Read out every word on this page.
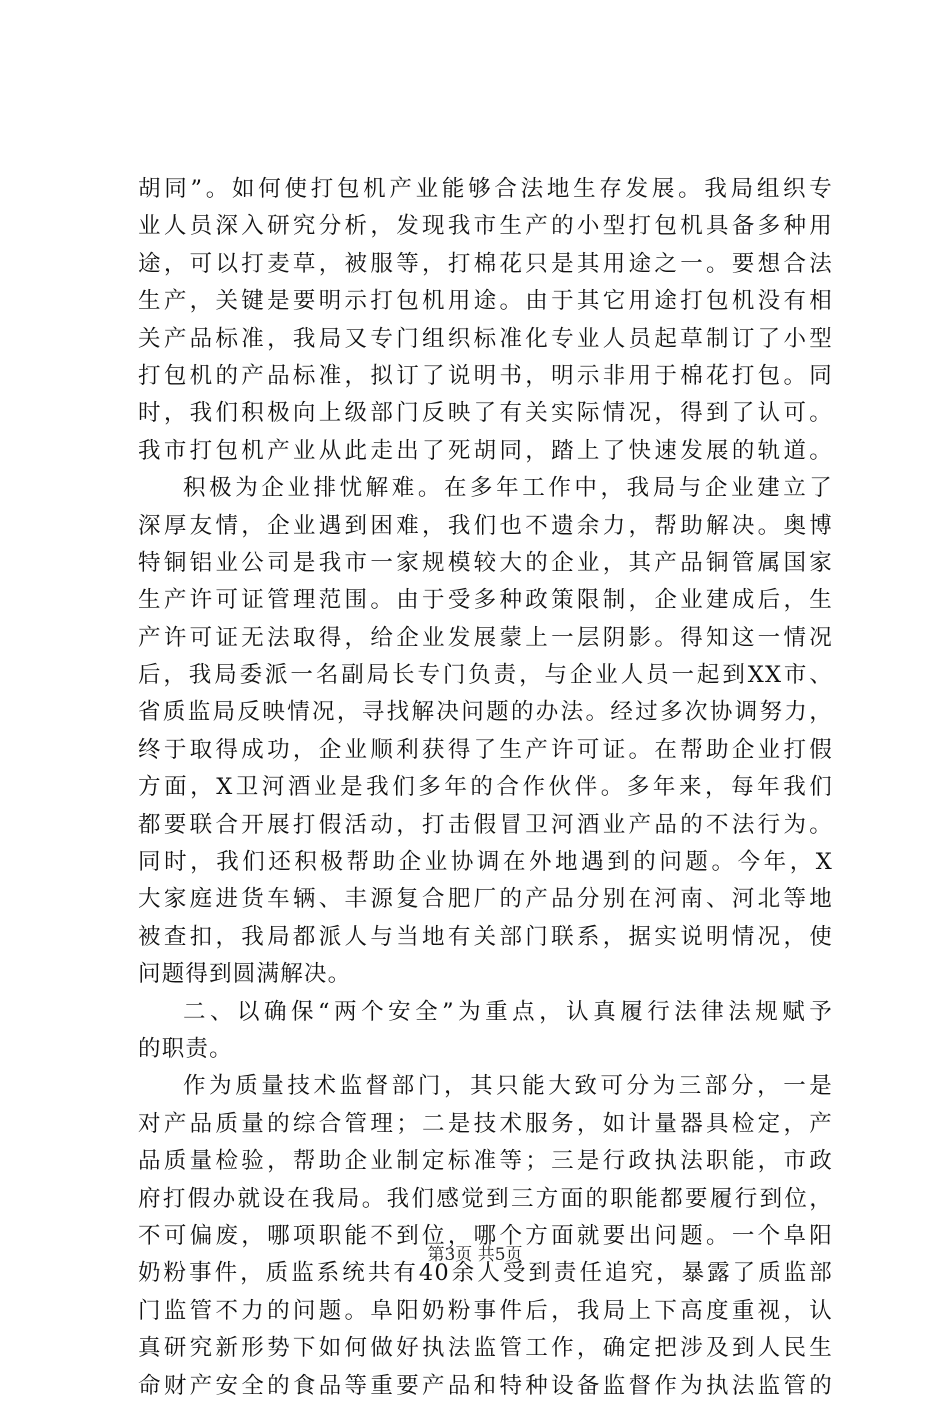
胡同”。如何使打包机产业能够合法地生存发展。我局组织专
业人员深入研究分析，发现我市生产的小型打包机具备多种用
途，可以打麦草，被服等，打棉花只是其用途之一。要想合法
生产，关键是要明示打包机用途。由于其它用途打包机没有相
关产品标准，我局又专门组织标准化专业人员起草制订了小型
打包机的产品标准，拟订了说明书，明示非用于棉花打包。同
时，我们积极向上级部门反映了有关实际情况，得到了认可。
我市打包机产业从此走出了死胡同，踏上了快速发展的轨道。
积极为企业排忧解难。在多年工作中，我局与企业建立了
深厚友情，企业遇到困难，我们也不遗余力，帮助解决。奥博
特铜铝业公司是我市一家规模较大的企业，其产品铜管属国家
生产许可证管理范围。由于受多种政策限制，企业建成后，生
产许可证无法取得，给企业发展蒙上一层阴影。得知这一情况
后，我局委派一名副局长专门负责，与企业人员一起到XX市、
省质监局反映情况，寻找解决问题的办法。经过多次协调努力，
终于取得成功，企业顺利获得了生产许可证。在帮助企业打假
方面，X卫河酒业是我们多年的合作伙伴。多年来，每年我们
都要联合开展打假活动，打击假冒卫河酒业产品的不法行为。
同时，我们还积极帮助企业协调在外地遇到的问题。今年，X
大家庭进货车辆、丰源复合肥厂的产品分别在河南、河北等地
被查扣，我局都派人与当地有关部门联系，据实说明情况，使
问题得到圆满解决。
二、以确保“两个安全”为重点，认真履行法律法规赋予
的职责。
作为质量技术监督部门，其只能大致可分为三部分，一是
对产品质量的综合管理；二是技术服务，如计量器具检定，产
品质量检验，帮助企业制定标准等；三是行政执法职能，市政
府打假办就设在我局。我们感觉到三方面的职能都要履行到位，
不可偏废，哪项职能不到位，哪个方面就要出问题。一个阜阳
奶粉事件，质监系统共有40余人受到责任追究，暴露了质监部
门监管不力的问题。阜阳奶粉事件后，我局上下高度重视，认
真研究新形势下如何做好执法监管工作，确定把涉及到人民生
命财产安全的食品等重要产品和特种设备监督作为执法监管的
第3页 共5页
